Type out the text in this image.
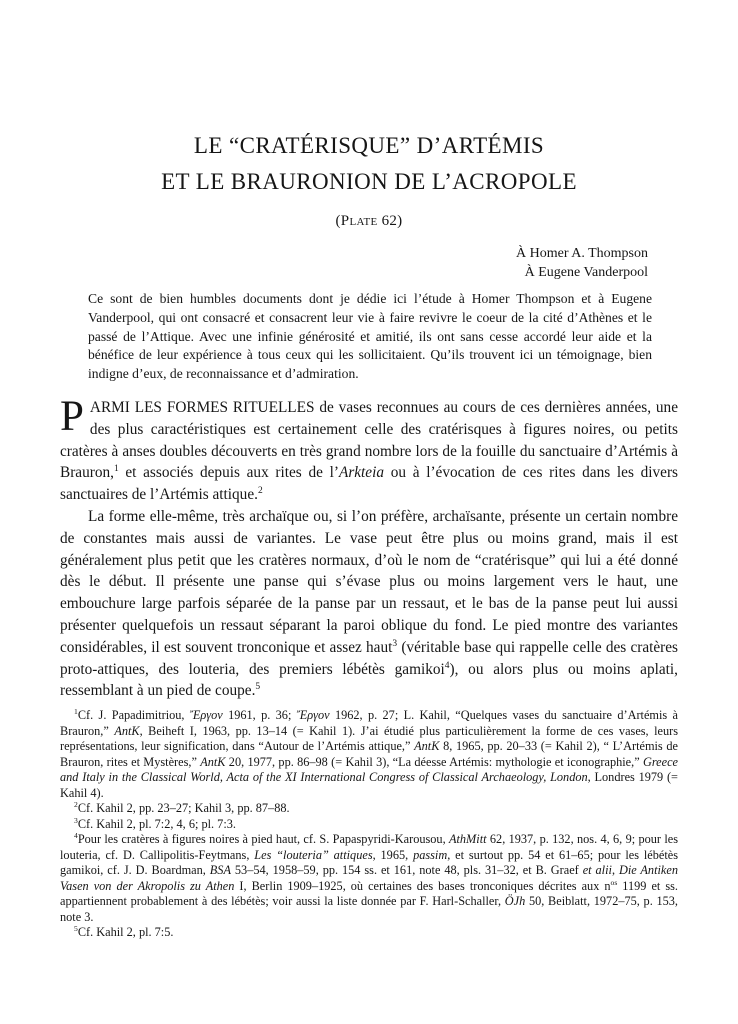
LE “CRATÉRISQUE” D’ARTÉMIS
ET LE BRAURONION DE L’ACROPOLE
(Plate 62)
À Homer A. Thompson
À Eugene Vanderpool
Ce sont de bien humbles documents dont je dédie ici l’étude à Homer Thompson et à Eugene Vanderpool, qui ont consacré et consacrent leur vie à faire revivre le coeur de la cité d’Athènes et le passé de l’Attique. Avec une infinie générosité et amitié, ils ont sans cesse accordé leur aide et la bénéfice de leur expérience à tous ceux qui les sollicitaient. Qu’ils trouvent ici un témoignage, bien indigne d’eux, de reconnaissance et d’admiration.

PARMI LES FORMES RITUELLES de vases reconnues au cours de ces dernières années, une des plus caractéristiques est certainement celle des cratérisques à figures noires, ou petits cratères à anses doubles découverts en très grand nombre lors de la fouille du sanctuaire d’Artémis à Brauron,$^1$ et associés depuis aux rites de l’Arkteia ou à l’évocation de ces rites dans les divers sanctuaires de l’Artémis attique.$^2$

La forme elle-même, très archaïque ou, si l’on préfère, archaïsante, présente un certain nombre de constantes mais aussi de variantes. Le vase peut être plus ou moins grand, mais il est généralement plus petit que les cratères normaux, d’où le nom de “cratérisque” qui lui a été donné dès le début. Il présente une panse qui s’évase plus ou moins largement vers le haut, une embouchure large parfois séparée de la panse par un ressaut, et le bas de la panse peut lui aussi présenter quelquefois un ressaut séparant la paroi oblique du fond. Le pied montre des variantes considérables, il est souvent tronconique et assez haut$^3$ (véritable base qui rappelle celle des cratères proto-attiques, des louteria, des premiers lébétès gamikoi$^4$), ou alors plus ou moins aplati, ressemblant à un pied de coupe.$^5$

$^1$Cf. J. Papadimitriou, Ἔργον 1961, p. 36; Ἔργον 1962, p. 27; L. Kahil, “Quelques vases du sanctuaire d’Artémis à Brauron,” AntK, Beiheft I, 1963, pp. 13–14 (= Kahil 1). J’ai étudié plus particulièrement la forme de ces vases, leurs représentations, leur signification, dans “Autour de l’Artémis attique,” AntK 8, 1965, pp. 20–33 (= Kahil 2), “ L’Artémis de Brauron, rites et Mystères,” AntK 20, 1977, pp. 86–98 (= Kahil 3), “La déesse Artémis: mythologie et iconographie,” Greece and Italy in the Classical World, Acta of the XI International Congress of Classical Archaeology, London, Londres 1979 (= Kahil 4).

$^2$Cf. Kahil 2, pp. 23–27; Kahil 3, pp. 87–88.

$^3$Cf. Kahil 2, pl. 7:2, 4, 6; pl. 7:3.

$^4$Pour les cratères à figures noires à pied haut, cf. S. Papaspyridi-Karousou, AthMitt 62, 1937, p. 132, nos. 4, 6, 9; pour les louteria, cf. D. Callipolitis-Feytmans, Les “louteria” attiques, 1965, passim, et surtout pp. 54 et 61–65; pour les lébétès gamikoi, cf. J. D. Boardman, BSA 53–54, 1958–59, pp. 154 ss. et 161, note 48, pls. 31–32, et B. Graef et alii, Die Antiken Vasen von der Akropolis zu Athen I, Berlin 1909–1925, où certaines des bases tronconiques décrites aux $n^{os}$ 1199 et ss. appartiennent probablement à des lébétès; voir aussi la liste donnée par F. Harl-Schaller, ÖJh 50, Beiblatt, 1972–75, p. 153, note 3.

$^5$Cf. Kahil 2, pl. 7:5.
